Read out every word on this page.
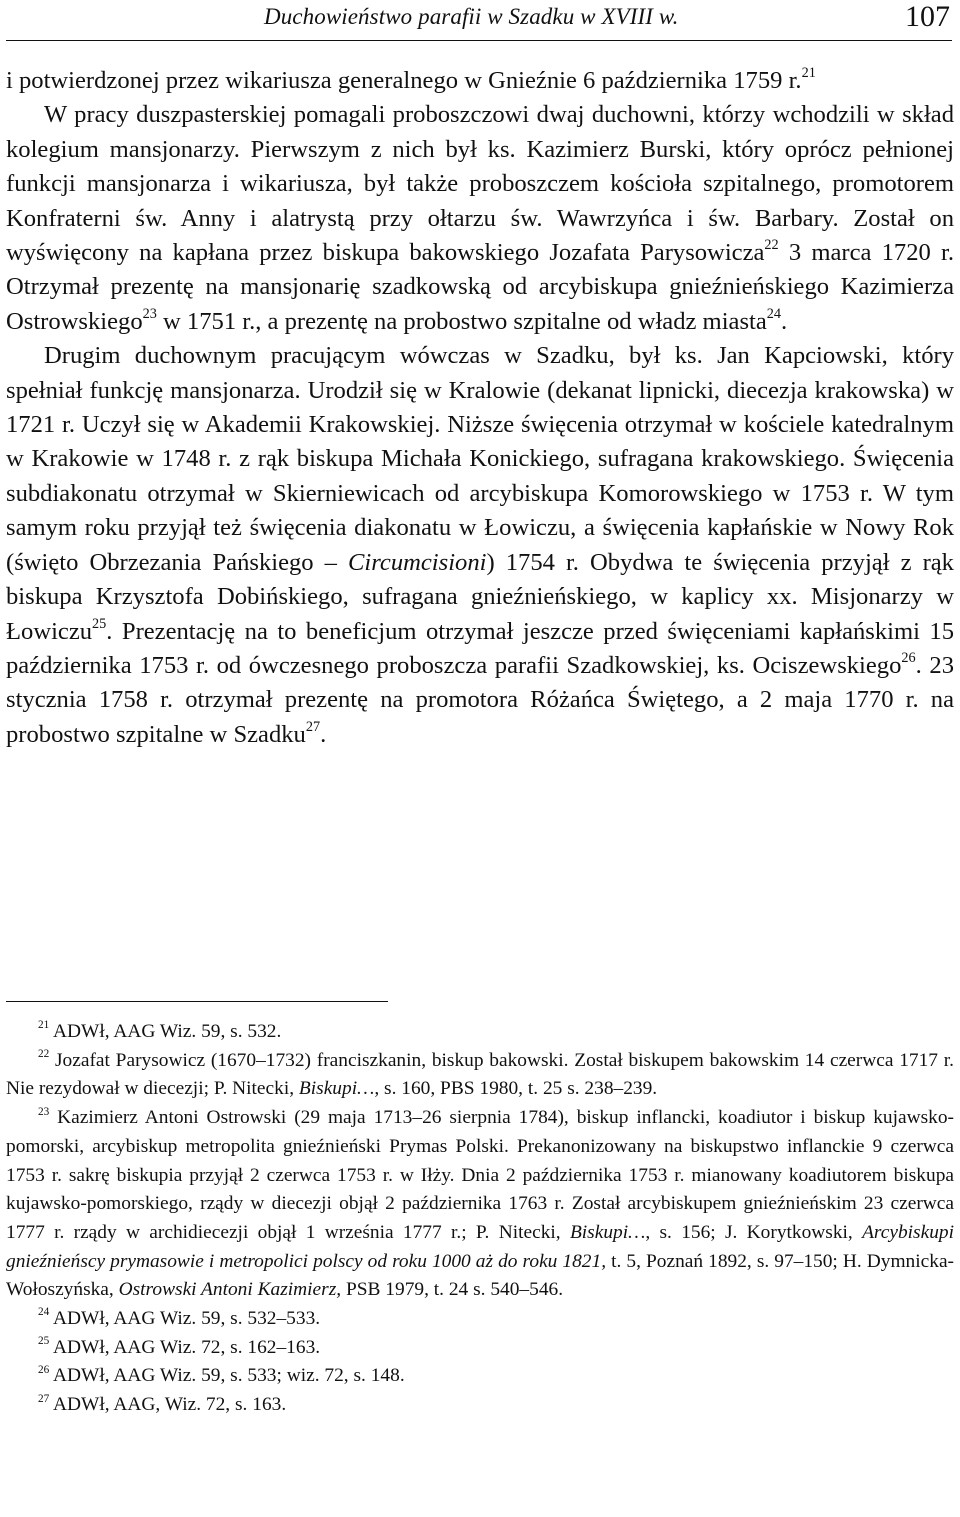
Duchowieństwo parafii w Szadku w XVIII w.	107

i potwierdzonej przez wikariusza generalnego w Gnieźnie 6 października 1759 r.$^{21}$

W pracy duszpasterskiej pomagali proboszczowi dwaj duchowni, którzy wchodzili w skład kolegium mansjonarzy. Pierwszym z nich był ks. Kazimierz Burski, który oprócz pełnionej funkcji mansjonarza i wikariusza, był także proboszczem kościoła szpitalnego, promotorem Konfraterni św. Anny i alatrystą przy ołtarzu św. Wawrzyńca i św. Barbary. Został on wyświęcony na kapłana przez biskupa bakowskiego Jozafata Parysowicza$^{22}$ 3 marca 1720 r. Otrzymał prezentę na mansjonarię szadkowską od arcybiskupa gnieźnieńskiego Kazimierza Ostrowskiego$^{23}$ w 1751 r., a prezentę na probostwo szpitalne od władz miasta$^{24}$.

Drugim duchownym pracującym wówczas w Szadku, był ks. Jan Kapciowski, który spełniał funkcję mansjonarza. Urodził się w Kralowie (dekanat lipnicki, diecezja krakowska) w 1721 r. Uczył się w Akademii Krakowskiej. Niższe święcenia otrzymał w kościele katedralnym w Krakowie w 1748 r. z rąk biskupa Michała Konickiego, sufragana krakowskiego. Święcenia subdiakonatu otrzymał w Skierniewicach od arcybiskupa Komorowskiego w 1753 r. W tym samym roku przyjął też święcenia diakonatu w Łowiczu, a święcenia kapłańskie w Nowy Rok (święto Obrzezania Pańskiego – Circumcisioni) 1754 r. Obydwa te święcenia przyjął z rąk biskupa Krzysztofa Dobińskiego, sufragana gnieźnieńskiego, w kaplicy xx. Misjonarzy w Łowiczu$^{25}$. Prezentację na to beneficjum otrzymał jeszcze przed święceniami kapłańskimi 15 października 1753 r. od ówczesnego proboszcza parafii Szadkowskiej, ks. Ociszewskiego$^{26}$. 23 stycznia 1758 r. otrzymał prezentę na promotora Różańca Świętego, a 2 maja 1770 r. na probostwo szpitalne w Szadku$^{27}$.

$^{21}$ ADWł, AAG Wiz. 59, s. 532.

$^{22}$ Jozafat Parysowicz (1670–1732) franciszkanin, biskup bakowski. Został biskupem bakowskim 14 czerwca 1717 r. Nie rezydował w diecezji; P. Nitecki, Biskupi…, s. 160, PBS 1980, t. 25 s. 238–239.

$^{23}$ Kazimierz Antoni Ostrowski (29 maja 1713–26 sierpnia 1784), biskup inflancki, koadiutor i biskup kujawsko-pomorski, arcybiskup metropolita gnieźnieński Prymas Polski. Prekanonizowany na biskupstwo inflanckie 9 czerwca 1753 r. sakrę biskupia przyjął 2 czerwca 1753 r. w Iłży. Dnia 2 października 1753 r. mianowany koadiutorem biskupa kujawsko-pomorskiego, rządy w diecezji objął 2 października 1763 r. Został arcybiskupem gnieźnieńskim 23 czerwca 1777 r. rządy w archidiecezji objął 1 września 1777 r.; P. Nitecki, Biskupi…, s. 156; J. Korytkowski, Arcybiskupi gnieźnieńscy prymasowie i metropolici polscy od roku 1000 aż do roku 1821, t. 5, Poznań 1892, s. 97–150; H. Dymnicka-Wołoszyńska, Ostrowski Antoni Kazimierz, PSB 1979, t. 24 s. 540–546.

$^{24}$ ADWł, AAG Wiz. 59, s. 532–533.

$^{25}$ ADWł, AAG Wiz. 72, s. 162–163.

$^{26}$ ADWł, AAG Wiz. 59, s. 533; wiz. 72, s. 148.

$^{27}$ ADWł, AAG, Wiz. 72, s. 163.
